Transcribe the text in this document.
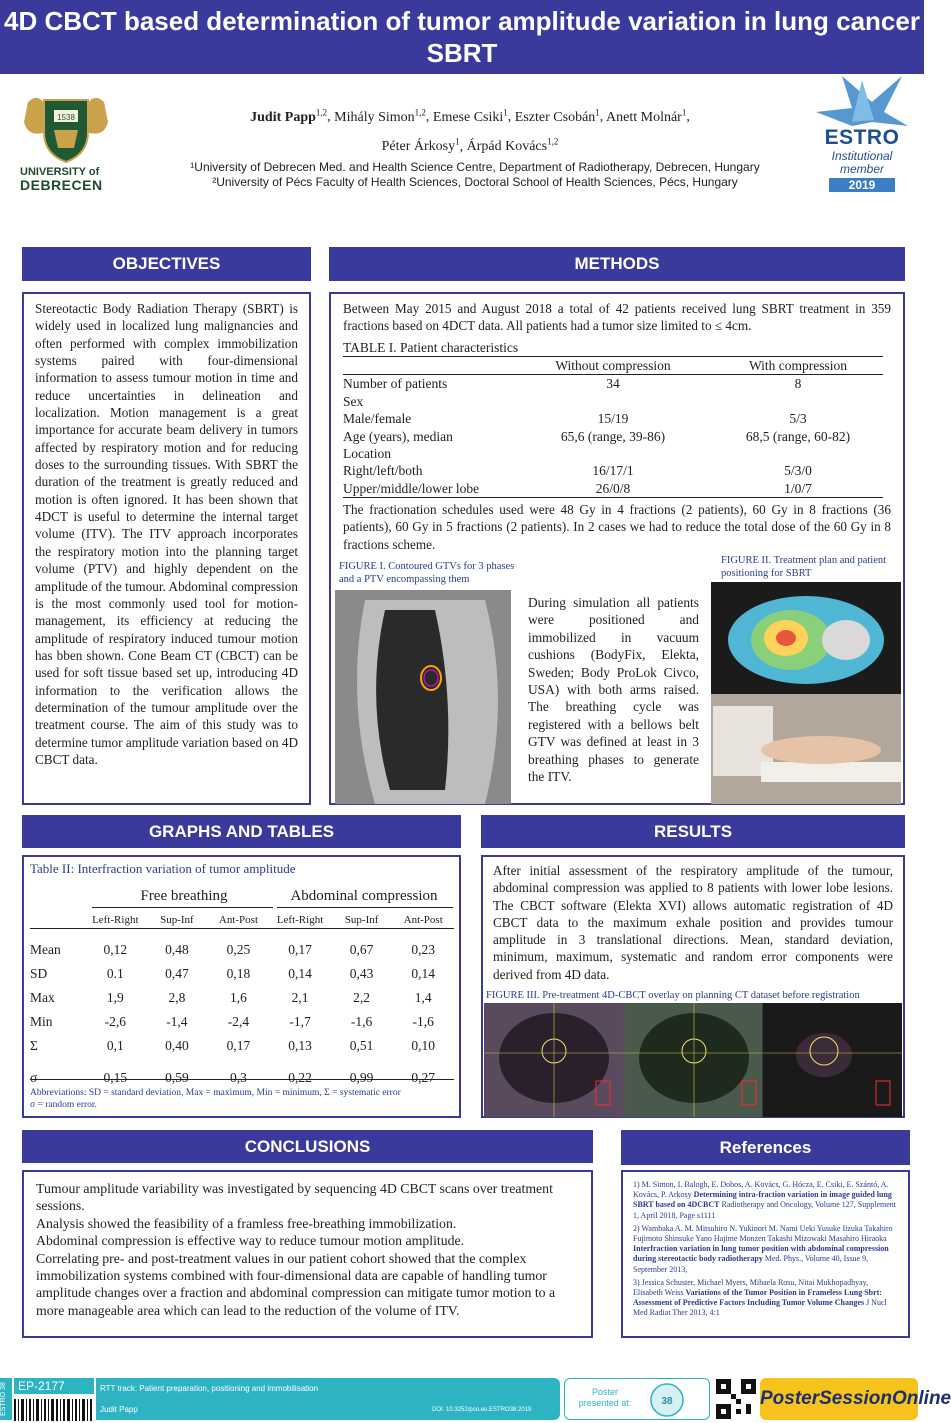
4D CBCT based determination of tumor amplitude variation in lung cancer SBRT
1538
UNIVERSITY of
DEBRECEN
Judit Papp$^{1,2}$, Mihály Simon$^{1,2}$, Emese Csiki$^1$, Eszter Csobán$^1$, Anett Molnár$^1$,
Péter Árkosy$^1$, Árpád Kovács$^{1,2}$
¹University of Debrecen Med. and Health Science Centre, Department of Radiotherapy, Debrecen, Hungary
²University of Pécs Faculty of Health Sciences, Doctoral School of Health Sciences, Pécs, Hungary
ESTRO
Institutional
member
2019
OBJECTIVES

Stereotactic Body Radiation Therapy (SBRT) is widely used in localized lung malignancies and often performed with complex immobilization systems paired with four-dimensional information to assess tumour motion in time and reduce uncertainties in delineation and localization. Motion management is a great importance for accurate beam delivery in tumors affected by respiratory motion and for reducing doses to the surrounding tissues. With SBRT the duration of the treatment is greatly reduced and motion is often ignored. It has been shown that 4DCT is useful to determine the internal target volume (ITV). The ITV approach incorporates the respiratory motion into the planning target volume (PTV) and highly dependent on the amplitude of the tumour. Abdominal compression is the most commonly used tool for motion-management, its efficiency at reducing the amplitude of respiratory induced tumour motion has bben shown. Cone Beam CT (CBCT) can be used for soft tissue based set up, introducing 4D information to the verification allows the determination of the tumour amplitude over the treatment course. The aim of this study was to determine tumor amplitude variation based on 4D CBCT data.

METHODS

Between May 2015 and August 2018 a total of 42 patients received lung SBRT treatment in 359 fractions based on 4DCT data. All patients had a tumor size limited to ≤ 4cm.

TABLE I. Patient characteristics
	Without compression	With compression
Number of patients	34	8
Sex		
Male/female	15/19	5/3
Age (years), median	65,6 (range, 39-86)	68,5 (range, 60-82)
Location		
Right/left/both	16/17/1	5/3/0
Upper/middle/lower lobe	26/0/8	1/0/7

The fractionation schedules used were 48 Gy in 4 fractions (2 patients), 60 Gy in 8 fractions (36 patients), 60 Gy in 5 fractions (2 patients). In 2 cases we had to reduce the total dose of the 60 Gy in 8 fractions scheme.

FIGURE I. Contoured GTVs for 3 phases and a PTV encompassing them

During simulation all patients were positioned and immobilized in vacuum cushions (BodyFix, Elekta, Sweden; Body ProLok Civco, USA) with both arms raised. The breathing cycle was registered with a bellows belt GTV was defined at least in 3 breathing phases to generate the ITV.

FIGURE II. Treatment plan and patient positioning for SBRT
GRAPHS AND TABLES
Table II: Interfraction variation of tumor amplitude
Free breathing	Abdominal compression
	Left-Right	Sup-Inf	Ant-Post	Left-Right	Sup-Inf	Ant-Post
Mean	0,12	0,48	0,25	0,17	0,67	0,23
SD	0.1	0,47	0,18	0,14	0,43	0,14
Max	1,9	2,8	1,6	2,1	2,2	1,4
Min	-2,6	-1,4	-2,4	-1,7	-1,6	-1,6
Σ	0,1	0,40	0,17	0,13	0,51	0,10
σ	0,15	0,59	0,3	0,22	0,99	0,27
Abbreviations: SD = standard deviation, Max = maximum, Min = minimum, Σ = systematic error
σ = random error.
RESULTS

After initial assessment of the respiratory amplitude of the tumour, abdominal compression was applied to 8 patients with lower lobe lesions. The CBCT software (Elekta XVI) allows automatic registration of 4D CBCT data to the maximum exhale position and provides tumour amplitude in 3 translational directions. Mean, standard deviation, minimum, maximum, systematic and random error components were derived from 4D data.

FIGURE III. Pre-treatment 4D-CBCT overlay on planning CT dataset before registration
CONCLUSIONS

Tumour amplitude variability was investigated by sequencing 4D CBCT scans over treatment sessions.

Analysis showed the feasibility of a framless free-breathing immobilization.

Abdominal compression is effective way to reduce tumour motion amplitude.

Correlating pre- and post-treatment values in our patient cohort showed that the complex immobilization systems combined with four-dimensional data are capable of handling tumor amplitude changes over a fraction and abdominal compression can mitigate tumor motion to a more manageable area which can lead to the reduction of the volume of ITV.

References

1) M. Simon, I. Balogh, E. Dobos, A. Kovács, G. Hócza, E. Csiki, E. Szántó, A. Kovács, P. Arkosy Determining intra-fraction variation in image guided lung SBRT based on 4DCBCT Radiotherapy and Oncology, Volume 127, Supplement 1, April 2018, Page s1111

2) Wambaka A. M. Mitsuhiro N. Yukinori M. Nami Ueki Yusuke Iizuka Takahiro Fujimoto Shinsuke Yano Hajime Monzen Takashi Mizowaki Masahiro Hiraoka Interfraction variation in lung tumor position with abdominal compression during stereotactic body radiotherapy Med. Phys., Volume 40, Issue 9, September 2013,

3) Jessica Schuster, Michael Myers, Mihaela Rosu, Nitai Mukhopadhyay, Elisabeth Weiss Variations of the Tumor Position in Frameless Lung Sbrt: Assessment of Predictive Factors Including Tumor Volume Changes J Nucl Med Radiat Ther 2013, 4:1

ESTRO 38 EP-2177	RTT track: Patient preparation, positioning and immobilisation
Judit Papp	DOI: 10.3252/pso.eu.ESTRO38.2019
Poster presented at:	38	PosterSessionOnline
